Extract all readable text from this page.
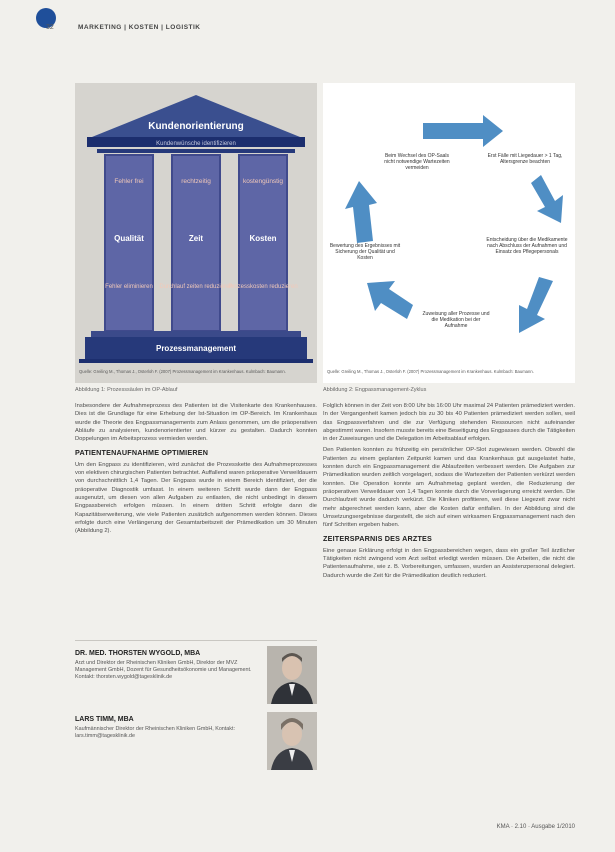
32	MARKETING | KOSTEN | LOGISTIK
Kundenorientierung
Kundenwünsche identifizieren
Fehler frei
Qualität
Fehler eliminieren
rechtzeitig
Zeit
Durchlauf zeiten reduzieren
kostengünstig
Kosten
Prozesskosten reduzieren
Prozessmanagement
Quelle: Greiling M., Thomas J., Osterloh F. (2007) Prozessmanagement im Krankenhaus. Kulmbach: Baumann.
Abbildung 1: Prozesssäulen im OP-Ablauf
Beim Wechsel des OP-Saals nicht notwendige Wartezeiten vermeiden
Erst Fälle mit Liegedauer > 1 Tag, Altersgrenze beachten
Entscheidung über die Medikamente nach Abschluss der Aufnahmen und Einsatz des Pflegepersonals
Zuweisung aller Prozesse und die Medikation bei der Aufnahme
Bewertung des Ergebnisses mit Sicherung der Qualität und Kosten
Quelle: Greiling M., Thomas J., Osterloh F. (2007) Prozessmanagement im Krankenhaus. Kulmbach: Baumann.
Abbildung 2: Engpassmanagement-Zyklus

Insbesondere der Aufnahmeprozess des Patienten ist die Visitenkarte des Krankenhauses. Dies ist die Grundlage für eine Erhebung der Ist-Situation im OP-Bereich. Im Krankenhaus wurde die Theorie des Engpassmanagements zum Anlass genommen, um die präoperativen Abläufe zu analysieren, kundenorientierter und kürzer zu gestalten. Dadurch konnten Doppelungen im Arbeitsprozess vermieden werden.

PATIENTENAUFNAHME OPTIMIEREN

Um den Engpass zu identifizieren, wird zunächst die Prozesskette des Aufnahmeprozesses von elektiven chirurgischen Patienten betrachtet. Auffallend waren präoperative Verweildauern von durchschnittlich 1,4 Tagen. Der Engpass wurde in einem Bereich identifiziert, der die präoperative Diagnostik umfasst. In einem weiteren Schritt wurde dann der Engpass ausgenutzt, um diesen von allen Aufgaben zu entlasten, die nicht unbedingt in diesem Engpassbereich erfolgen müssen. In einem dritten Schritt erfolgte dann die Kapazitätserweiterung, wie viele Patienten zusätzlich aufgenommen werden können. Dieses erfolgte durch eine Verlängerung der Gesamtarbeitszeit der Prämedikation um 30 Minuten (Abbildung 2).

DR. MED. THORSTEN WYGOLD, MBA
Arzt und Direktor der Rheinischen Kliniken GmbH, Direktor der MVZ Management GmbH, Dozent für Gesundheitsökonomie und Management. Kontakt: thorsten.wygold@tagesklinik.de
LARS TIMM, MBA
Kaufmännischer Direktor der Rheinischen Kliniken GmbH, Kontakt: lars.timm@tagesklinik.de

Folglich können in der Zeit von 8:00 Uhr bis 16:00 Uhr maximal 24 Patienten prämediziert werden. In der Vergangenheit kamen jedoch bis zu 30 bis 40 Patienten prämediziert werden sollen, weil das Engpassverfahren und die zur Verfügung stehenden Ressourcen nicht aufeinander abgestimmt waren. Insofern musste bereits eine Beseitigung des Engpasses durch die Tätigkeiten in der Zuweisungen und die Delegation im Arbeitsablauf erfolgen.

Den Patienten konnten zu frühzeitig ein persönlicher OP-Slot zugewiesen werden. Obwohl die Patienten zu einem geplanten Zeitpunkt kamen und das Krankenhaus gut ausgelastet hatte, konnten durch ein Engpassmanagement die Ablaufzeiten verbessert werden. Die Aufgaben zur Prämedikation wurden zeitlich vorgelagert, sodass die Wartezeiten der Patienten verkürzt werden konnten. Die Operation konnte am Aufnahmetag geplant werden, die Reduzierung der präoperativen Verweildauer von 1,4 Tagen konnte durch die Vorverlagerung erreicht werden. Die Durchlaufzeit wurde dadurch verkürzt. Die Kliniken profitieren, weil diese Liegezeit zwar nicht mehr abgerechnet werden kann, aber die Kosten dafür entfallen. In der Abbildung sind die Umsetzungsergebnisse dargestellt, die sich auf einen wirksamen Engpassmanagement nach den fünf Schritten ergeben haben.

ZEITERSPARNIS DES ARZTES

Eine genaue Erklärung erfolgt in den Engpassbereichen wegen, dass ein großer Teil ärztlicher Tätigkeiten nicht zwingend vom Arzt selbst erledigt werden müssen. Die Arbeiten, die nicht die Patientenaufnahme, wie z. B. Vorbereitungen, umfassen, wurden an Assistenzpersonal delegiert. Dadurch wurde die Zeit für die Prämedikation deutlich reduziert.

KMA · 2.10 · Ausgabe 1/2010
